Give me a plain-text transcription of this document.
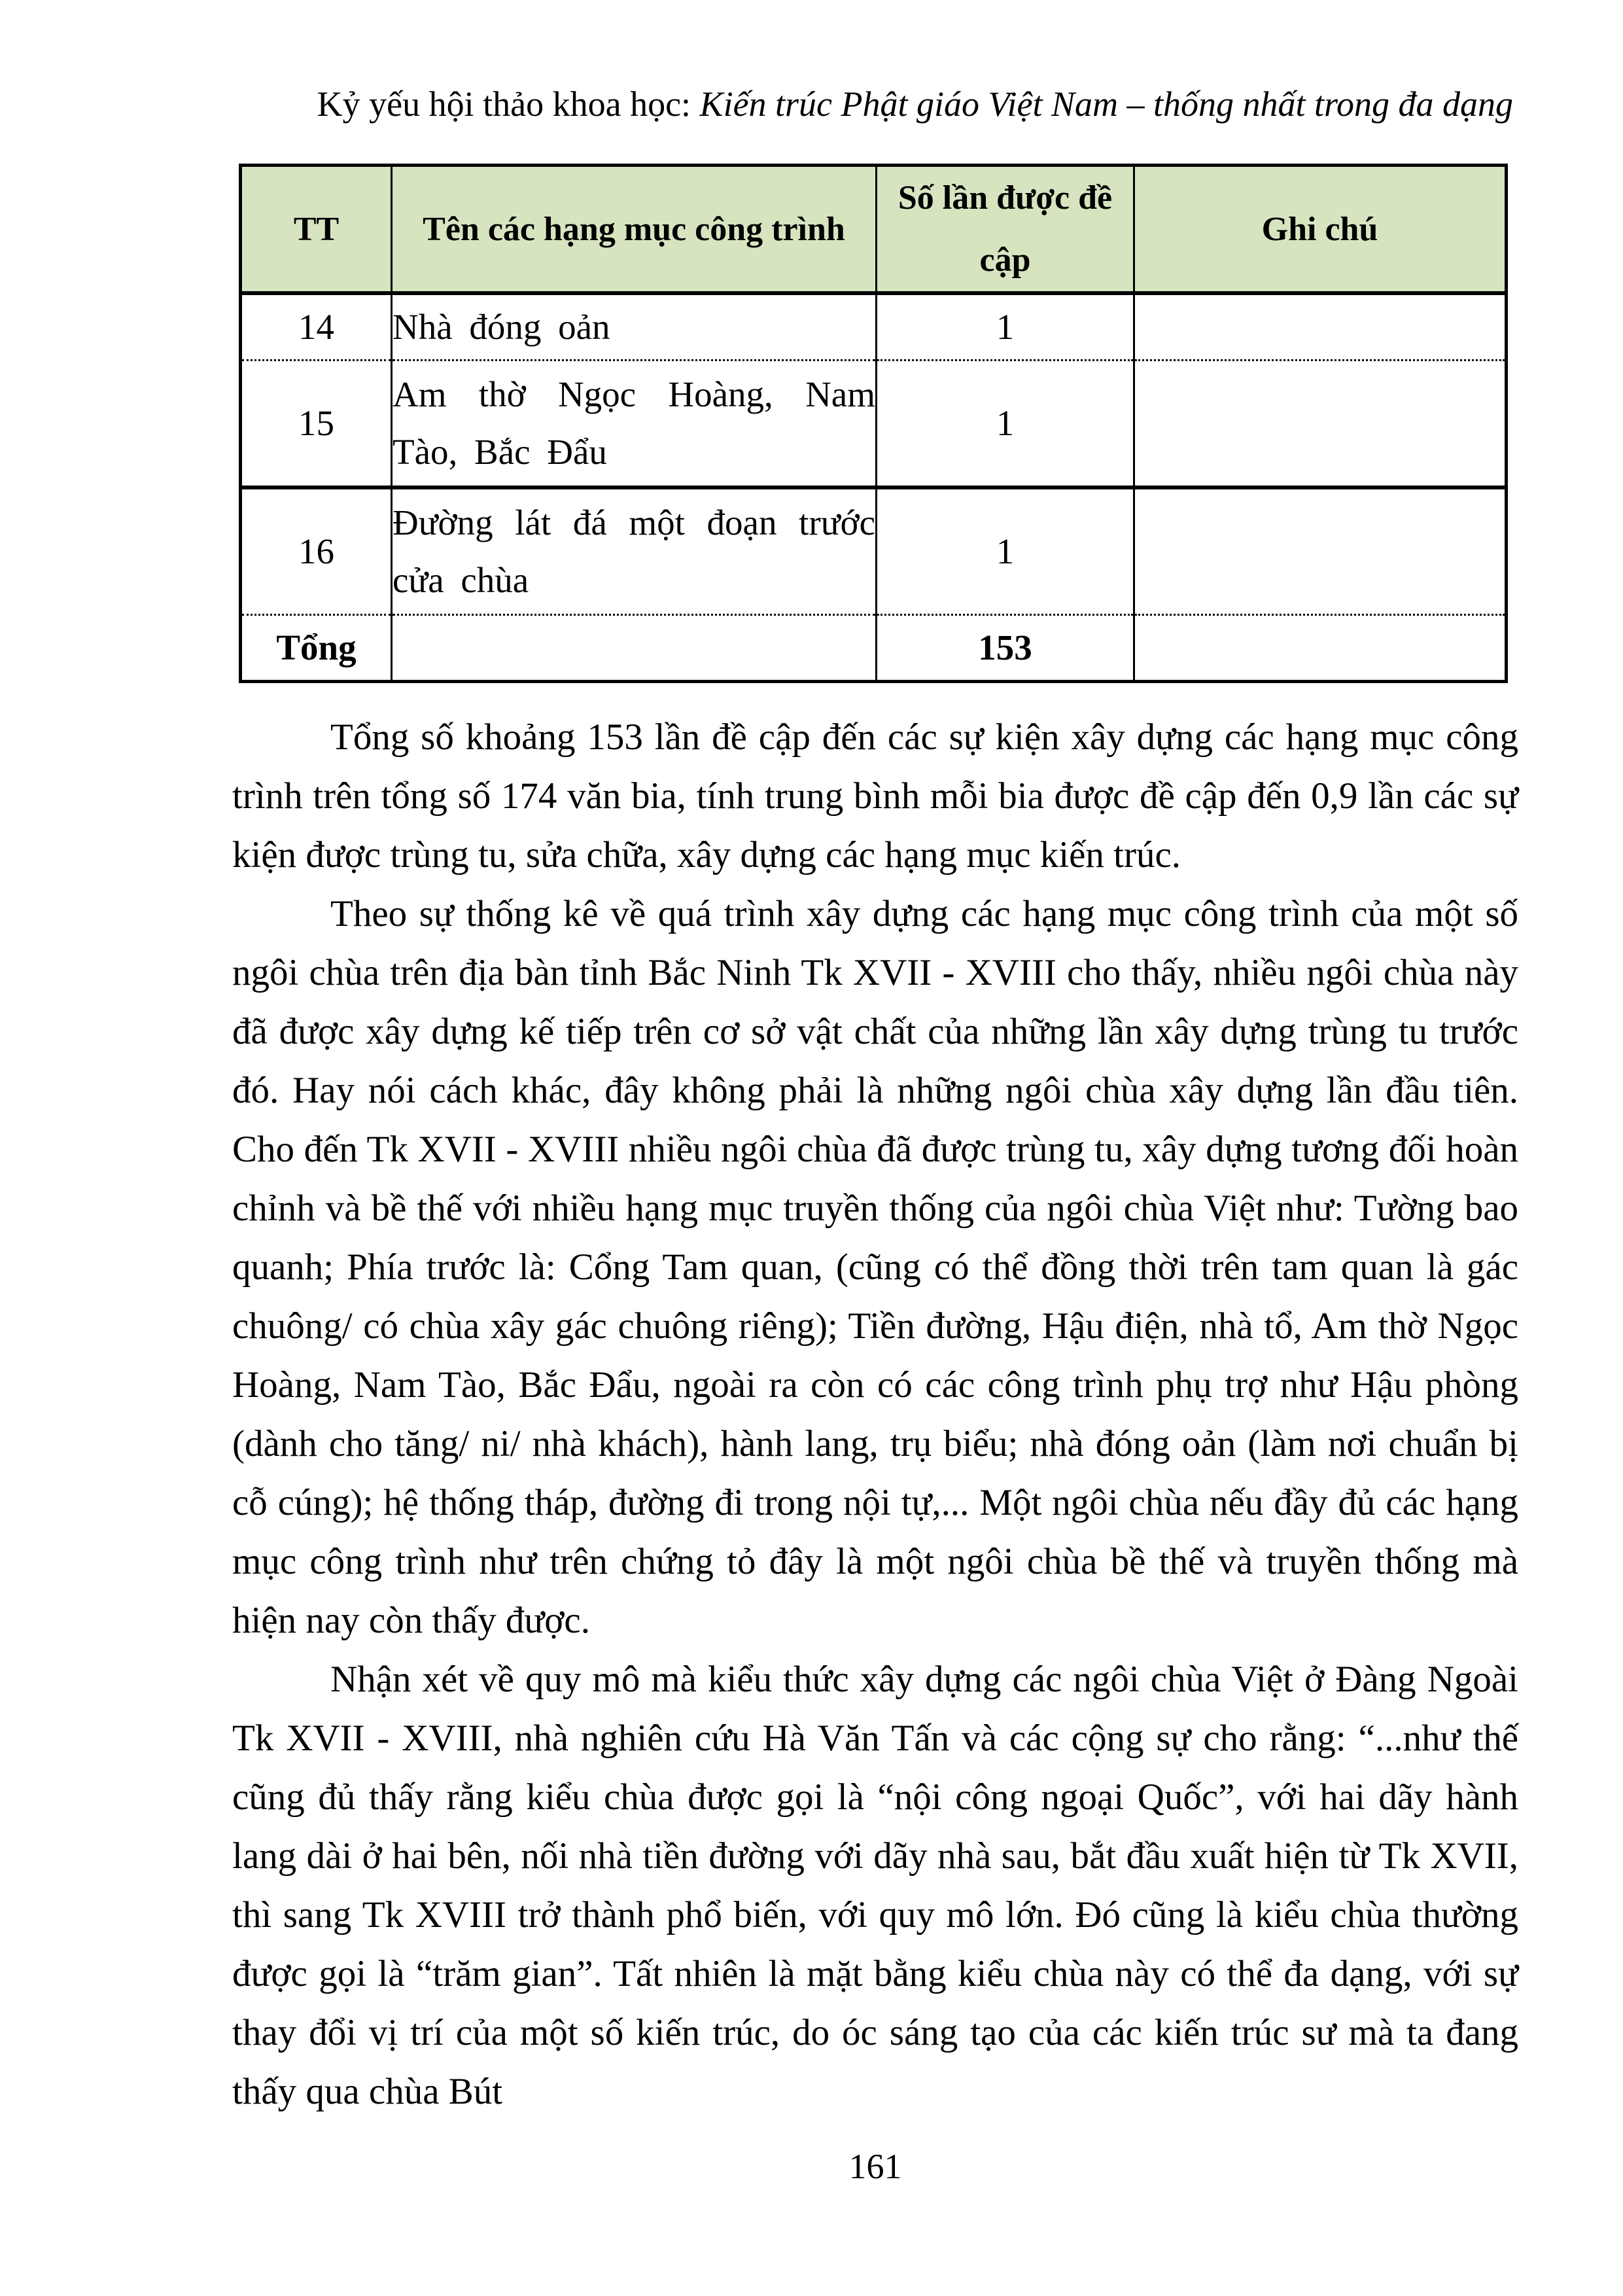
Kỷ yếu hội thảo khoa học: Kiến trúc Phật giáo Việt Nam – thống nhất trong đa dạng
TT	Tên các hạng mục công trình	Số lần được đề cập	Ghi chú
14	Nhà đóng oản	1	
15	Am thờ Ngọc Hoàng, Nam Tào, Bắc Đẩu	1	
16	Đường lát đá một đoạn trước cửa chùa	1	
Tổng		153	

Tổng số khoảng 153 lần đề cập đến các sự kiện xây dựng các hạng mục công trình trên tổng số 174 văn bia, tính trung bình mỗi bia được đề cập đến 0,9 lần các sự kiện được trùng tu, sửa chữa, xây dựng các hạng mục kiến trúc.

Theo sự thống kê về quá trình xây dựng các hạng mục công trình của một số ngôi chùa trên địa bàn tỉnh Bắc Ninh Tk XVII - XVIII cho thấy, nhiều ngôi chùa này đã được xây dựng kế tiếp trên cơ sở vật chất của những lần xây dựng trùng tu trước đó. Hay nói cách khác, đây không phải là những ngôi chùa xây dựng lần đầu tiên. Cho đến Tk XVII - XVIII nhiều ngôi chùa đã được trùng tu, xây dựng tương đối hoàn chỉnh và bề thế với nhiều hạng mục truyền thống của ngôi chùa Việt như: Tường bao quanh; Phía trước là: Cổng Tam quan, (cũng có thể đồng thời trên tam quan là gác chuông/ có chùa xây gác chuông riêng); Tiền đường, Hậu điện, nhà tổ, Am thờ Ngọc Hoàng, Nam Tào, Bắc Đẩu, ngoài ra còn có các công trình phụ trợ như Hậu phòng (dành cho tăng/ ni/ nhà khách), hành lang, trụ biểu; nhà đóng oản (làm nơi chuẩn bị cỗ cúng); hệ thống tháp, đường đi trong nội tự,... Một ngôi chùa nếu đầy đủ các hạng mục công trình như trên chứng tỏ đây là một ngôi chùa bề thế và truyền thống mà hiện nay còn thấy được.

Nhận xét về quy mô mà kiểu thức xây dựng các ngôi chùa Việt ở Đàng Ngoài Tk XVII - XVIII, nhà nghiên cứu Hà Văn Tấn và các cộng sự cho rằng: “...như thế cũng đủ thấy rằng kiểu chùa được gọi là “nội công ngoại Quốc”, với hai dãy hành lang dài ở hai bên, nối nhà tiền đường với dãy nhà sau, bắt đầu xuất hiện từ Tk XVII, thì sang Tk XVIII trở thành phổ biến, với quy mô lớn. Đó cũng là kiểu chùa thường được gọi là “trăm gian”. Tất nhiên là mặt bằng kiểu chùa này có thể đa dạng, với sự thay đổi vị trí của một số kiến trúc, do óc sáng tạo của các kiến trúc sư mà ta đang thấy qua chùa Bút

161
